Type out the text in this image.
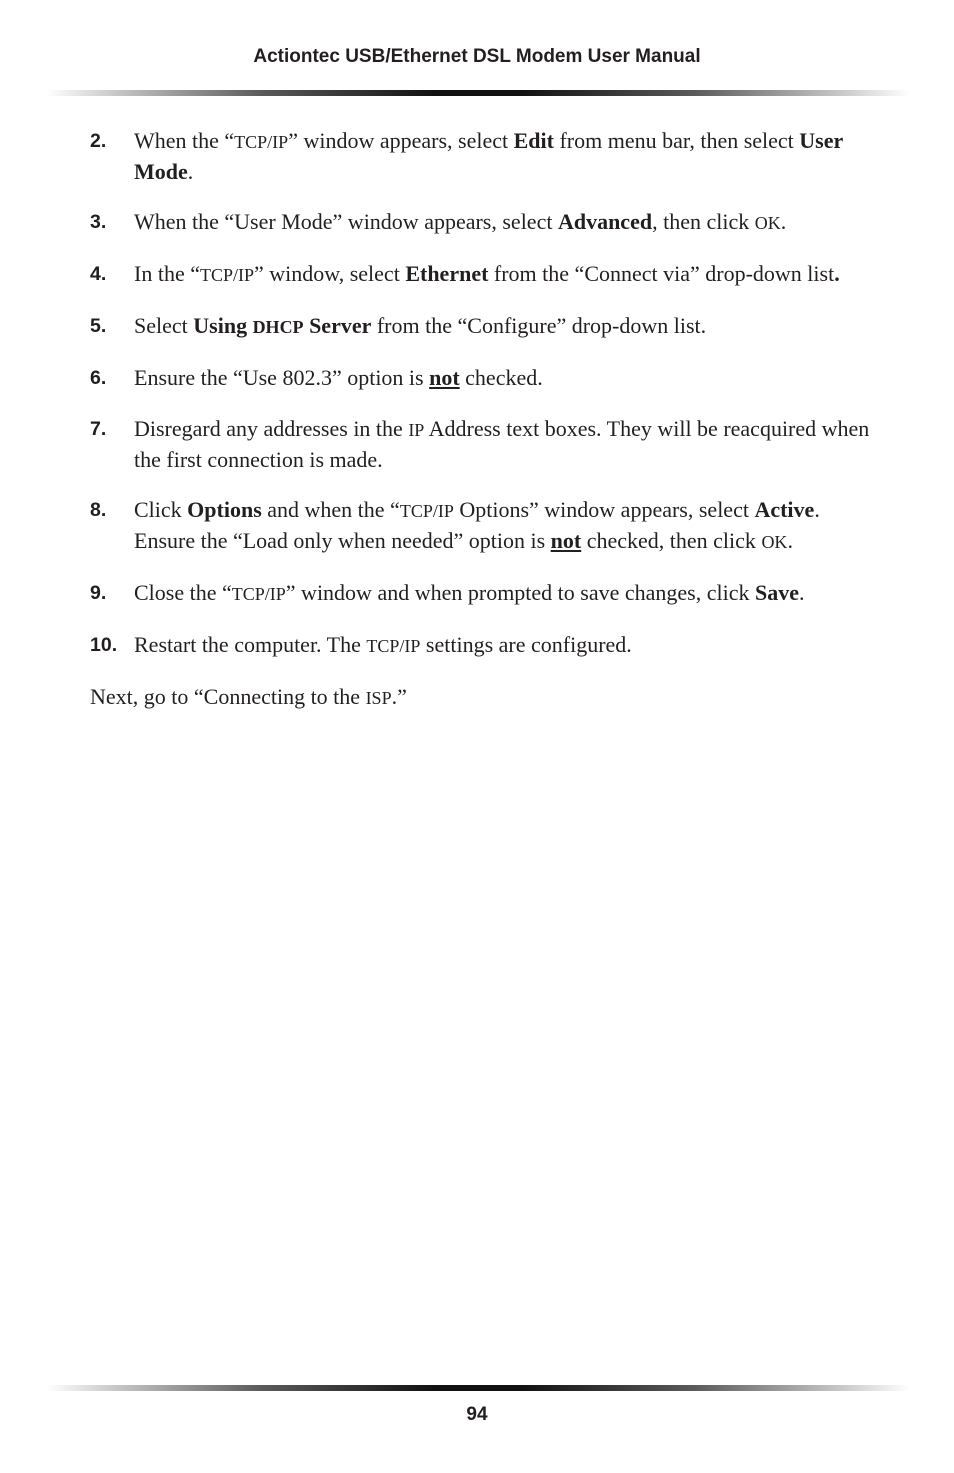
Actiontec USB/Ethernet DSL Modem User Manual
2.	When the “TCP/IP” window appears, select Edit from menu bar, then select User Mode.
3.	When the “User Mode” window appears, select Advanced, then click OK.
4.	In the “TCP/IP” window, select Ethernet from the “Connect via” drop-down list.
5.	Select Using DHCP Server from the “Configure” drop-down list.
6.	Ensure the “Use 802.3” option is not checked.
7.	Disregard any addresses in the IP Address text boxes. They will be reacquired when the first connection is made.
8.	Click Options and when the “TCP/IP Options” window appears, select Active. Ensure the “Load only when needed” option is not checked, then click OK.
9.	Close the “TCP/IP” window and when prompted to save changes, click Save.
10. Restart the computer. The TCP/IP settings are configured.
Next, go to “Connecting to the ISP.”
94
